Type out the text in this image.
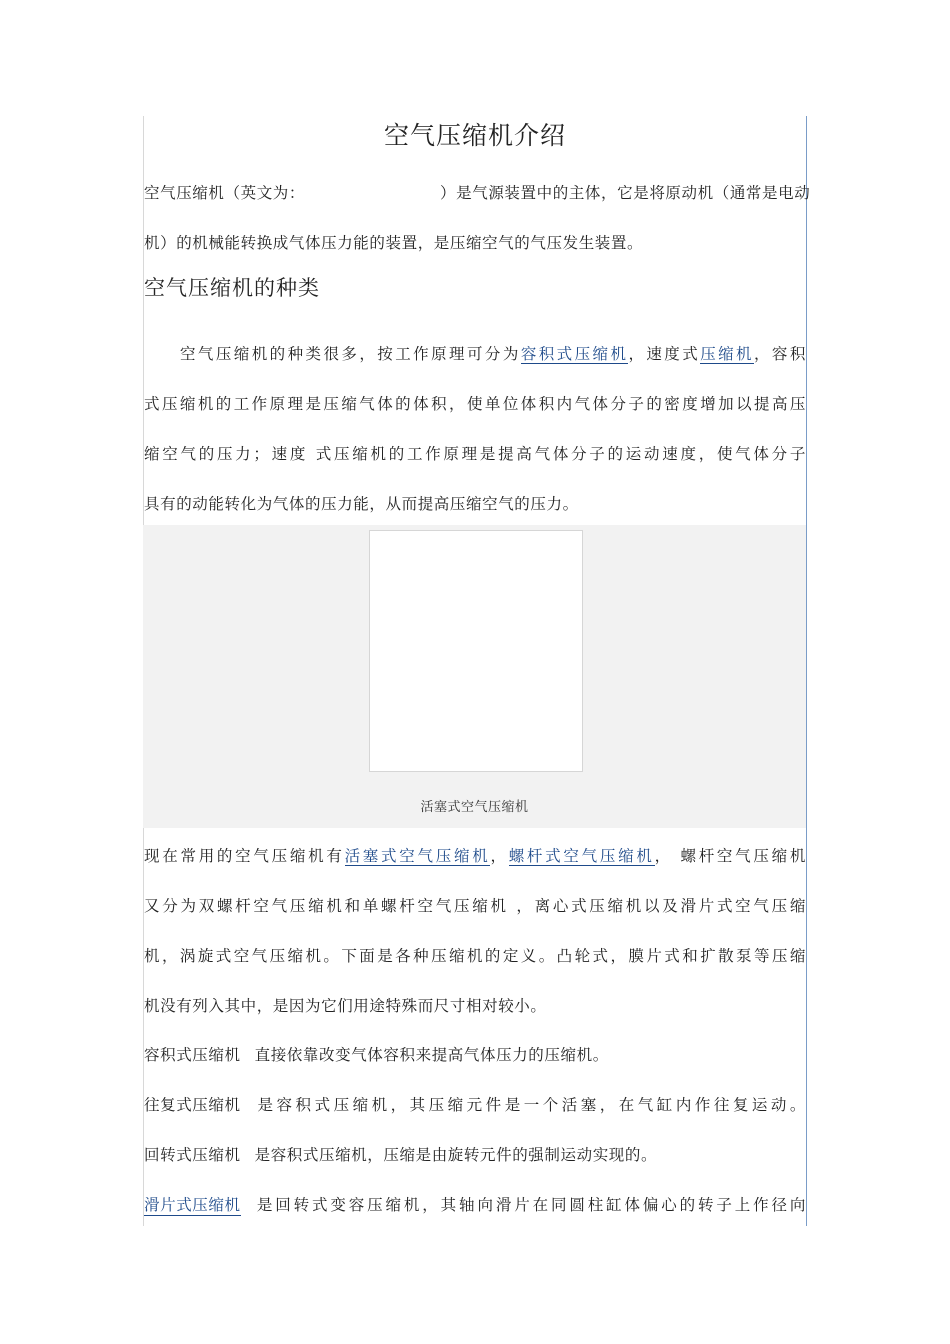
空气压缩机介绍
空气压缩机（英文为：	）是气源装置中的主体，它是将原动机（通常是电动
机）的机械能转换成气体压力能的装置，是压缩空气的气压发生装置。
空气压缩机的种类
空气压缩机的种类很多，按工作原理可分为容积式压缩机，速度式压缩机，容积
式压缩机的工作原理是压缩气体的体积，使单位体积内气体分子的密度增加以提高压
缩空气的压力；速度 式压缩机的工作原理是提高气体分子的运动速度，使气体分子
具有的动能转化为气体的压力能，从而提高压缩空气的压力。
活塞式空气压缩机
现在常用的空气压缩机有活塞式空气压缩机，螺杆式空气压缩机， 螺杆空气压缩机
又分为双螺杆空气压缩机和单螺杆空气压缩机 ，离心式压缩机以及滑片式空气压缩
机，涡旋式空气压缩机。下面是各种压缩机的定义。凸轮式，膜片式和扩散泵等压缩
机没有列入其中，是因为它们用途特殊而尺寸相对较小。
容积式压缩机 直接依靠改变气体容积来提高气体压力的压缩机。
往复式压缩机 是容积式压缩机，其压缩元件是一个活塞，在气缸内作往复运动。
回转式压缩机 是容积式压缩机，压缩是由旋转元件的强制运动实现的。
滑片式压缩机 是回转式变容压缩机，其轴向滑片在同圆柱缸体偏心的转子上作径向
